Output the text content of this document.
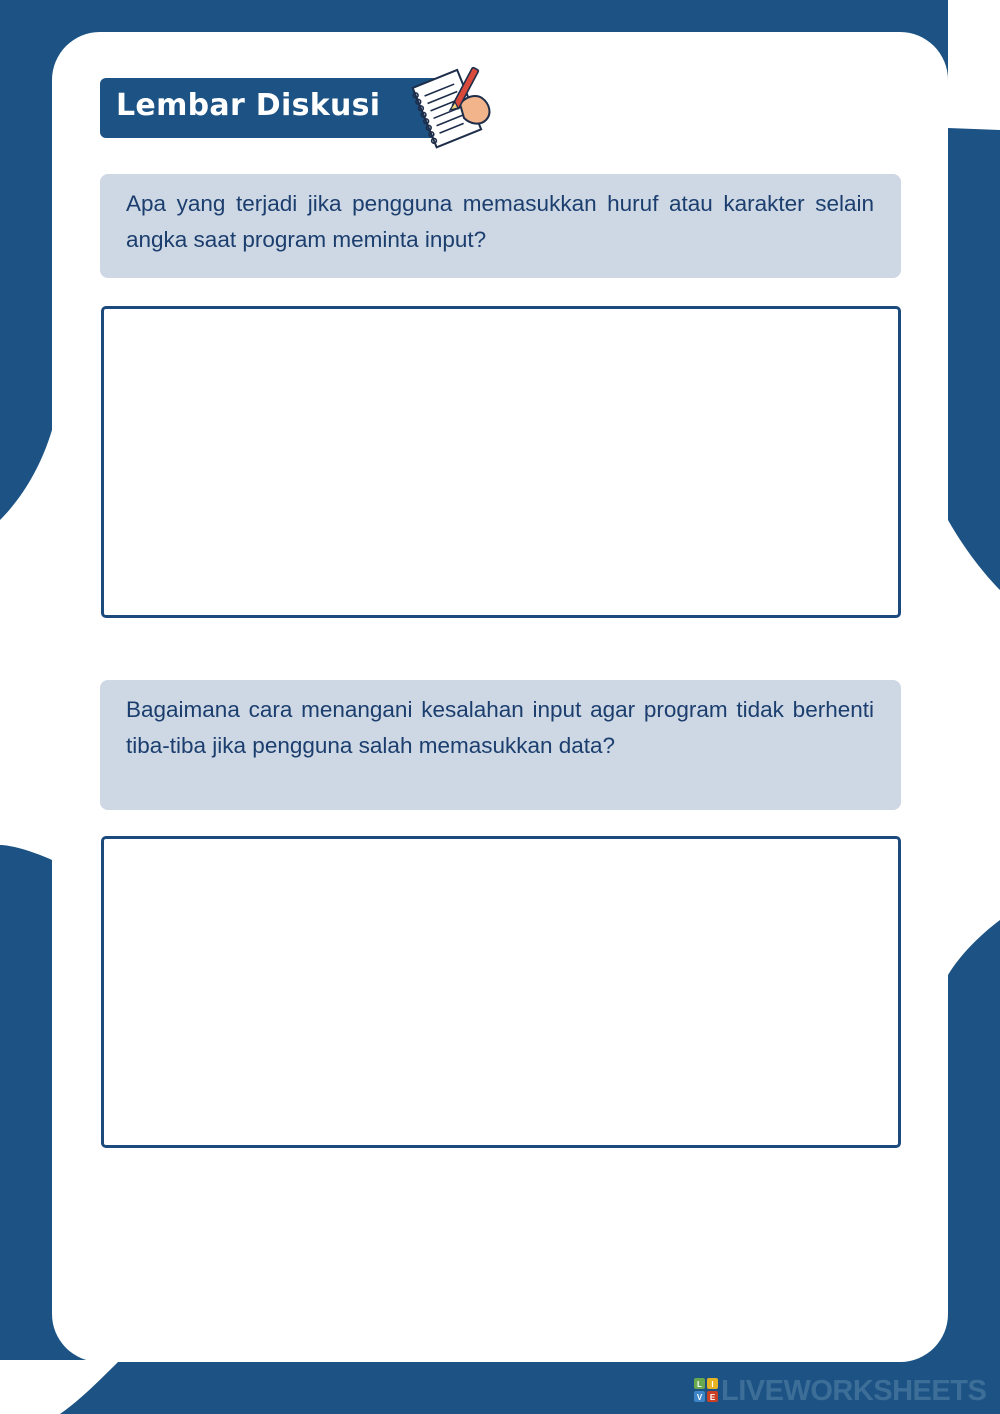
Lembar Diskusi
Apa yang terjadi jika pengguna memasukkan huruf atau karakter selain angka saat program meminta input?
Bagaimana cara menangani kesalahan input agar program tidak berhenti tiba-tiba jika pengguna salah memasukkan data?
L I
V E LIVEWORKSHEETS
